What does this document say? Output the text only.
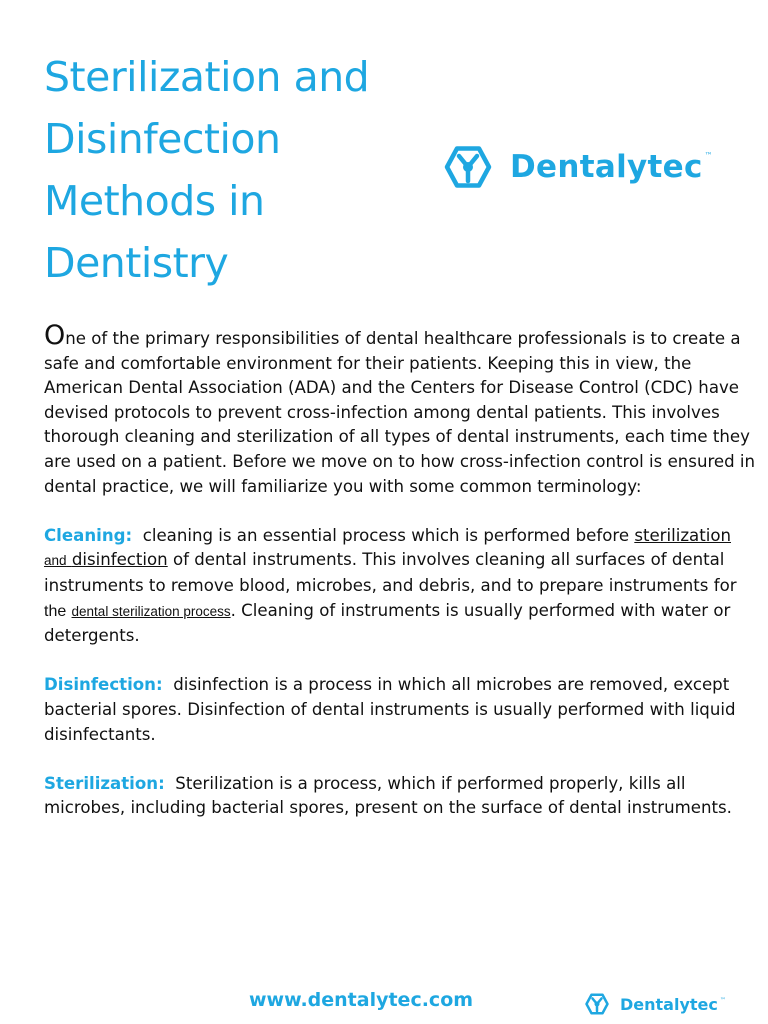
Sterilization and Disinfection Methods in Dentistry
Dentalytec ™

One of the primary responsibilities of dental healthcare professionals is to create a safe and comfortable environment for their patients. Keeping this in view, the American Dental Association (ADA) and the Centers for Disease Control (CDC) have devised protocols to prevent cross-infection among dental patients. This involves thorough cleaning and sterilization of all types of dental instruments, each time they are used on a patient. Before we move on to how cross-infection control is ensured in dental practice, we will familiarize you with some common terminology:

Cleaning: cleaning is an essential process which is performed before sterilization and disinfection of dental instruments. This involves cleaning all surfaces of dental instruments to remove blood, microbes, and debris, and to prepare instruments for the dental sterilization process. Cleaning of instruments is usually performed with water or detergents.

Disinfection: disinfection is a process in which all microbes are removed, except bacterial spores. Disinfection of dental instruments is usually performed with liquid disinfectants.

Sterilization: Sterilization is a process, which if performed properly, kills all microbes, including bacterial spores, present on the surface of dental instruments.

www.dentalytec.com	Dentalytec ™
